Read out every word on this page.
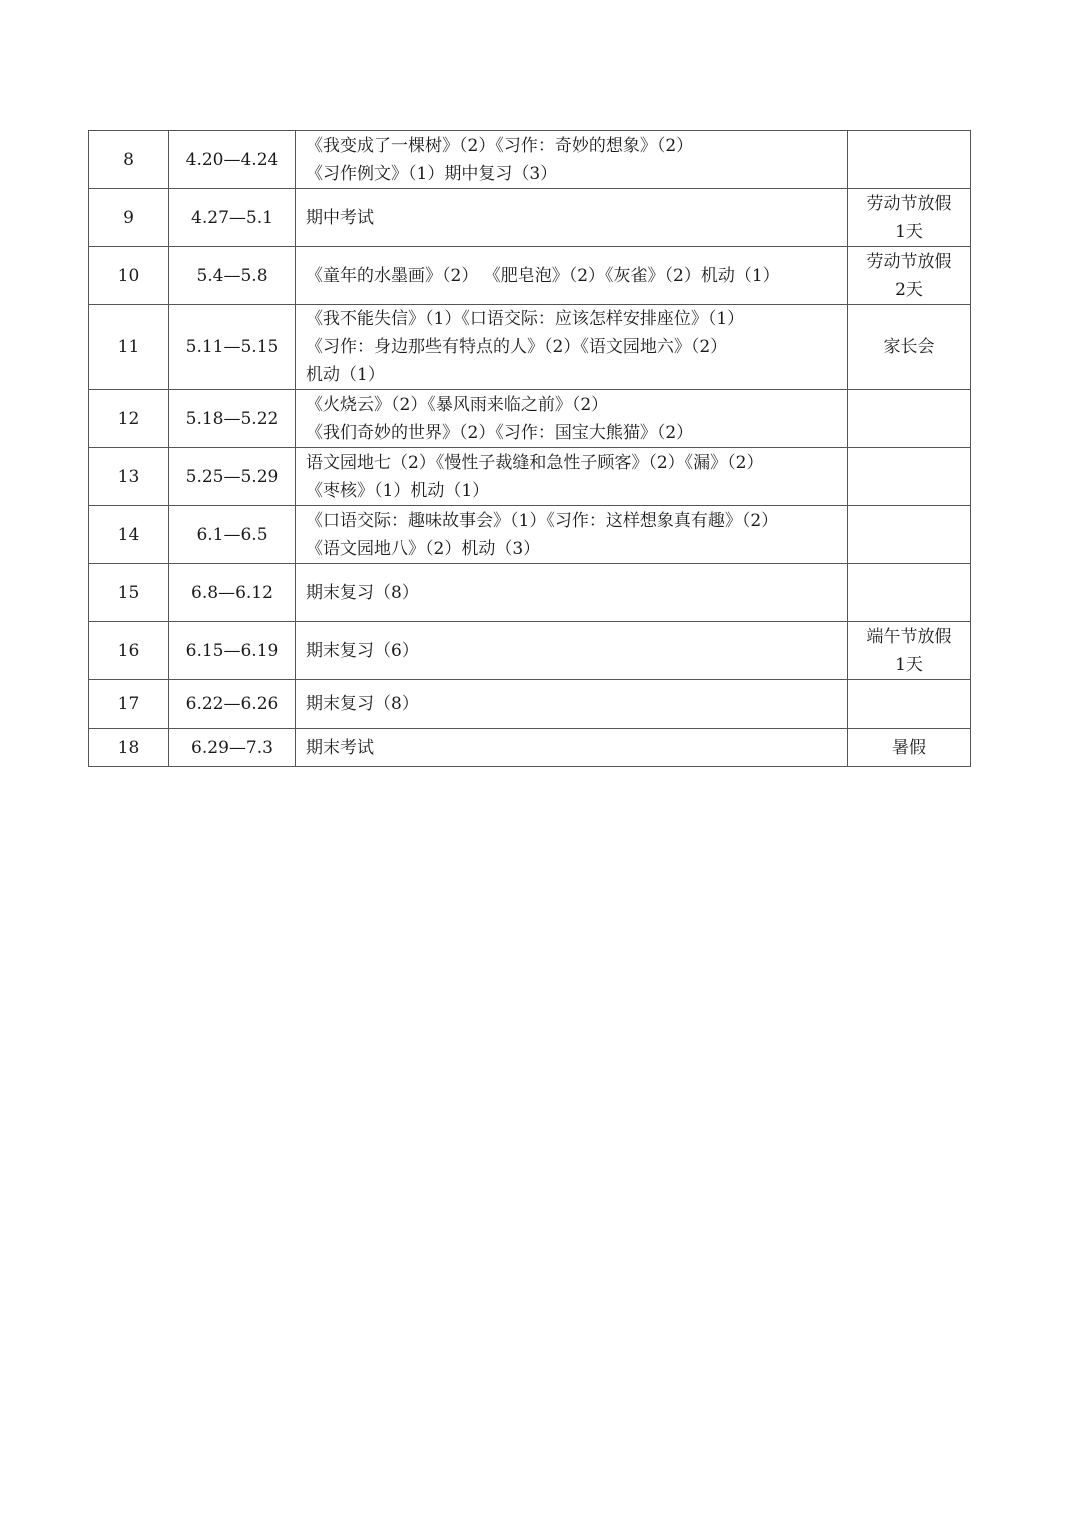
8	4.20—4.24	《我变成了一棵树》（2）《习作：奇妙的想象》（2）
《习作例文》（1）期中复习（3）	

9	4.27—5.1	期中考试	劳动节放假
1天

10	5.4—5.8	《童年的水墨画》（2） 《肥皂泡》（2）《灰雀》（2）机动（1）	劳动节放假
2天

11	5.11—5.15	《我不能失信》（1）《口语交际：应该怎样安排座位》（1）
《习作：身边那些有特点的人》（2）《语文园地六》（2）
机动（1）	家长会

12	5.18—5.22	《火烧云》（2）《暴风雨来临之前》（2）
《我们奇妙的世界》（2）《习作：国宝大熊猫》（2）	

13	5.25—5.29	语文园地七（2）《慢性子裁缝和急性子顾客》（2）《漏》（2）
《枣核》（1）机动（1）	

14	6.1—6.5	《口语交际：趣味故事会》（1）《习作：这样想象真有趣》（2）
《语文园地八》（2）机动（3）	

15	6.8—6.12	期末复习（8）	

16	6.15—6.19	期末复习（6）	端午节放假
1天

17	6.22—6.26	期末复习（8）	

18	6.29—7.3	期末考试	暑假
